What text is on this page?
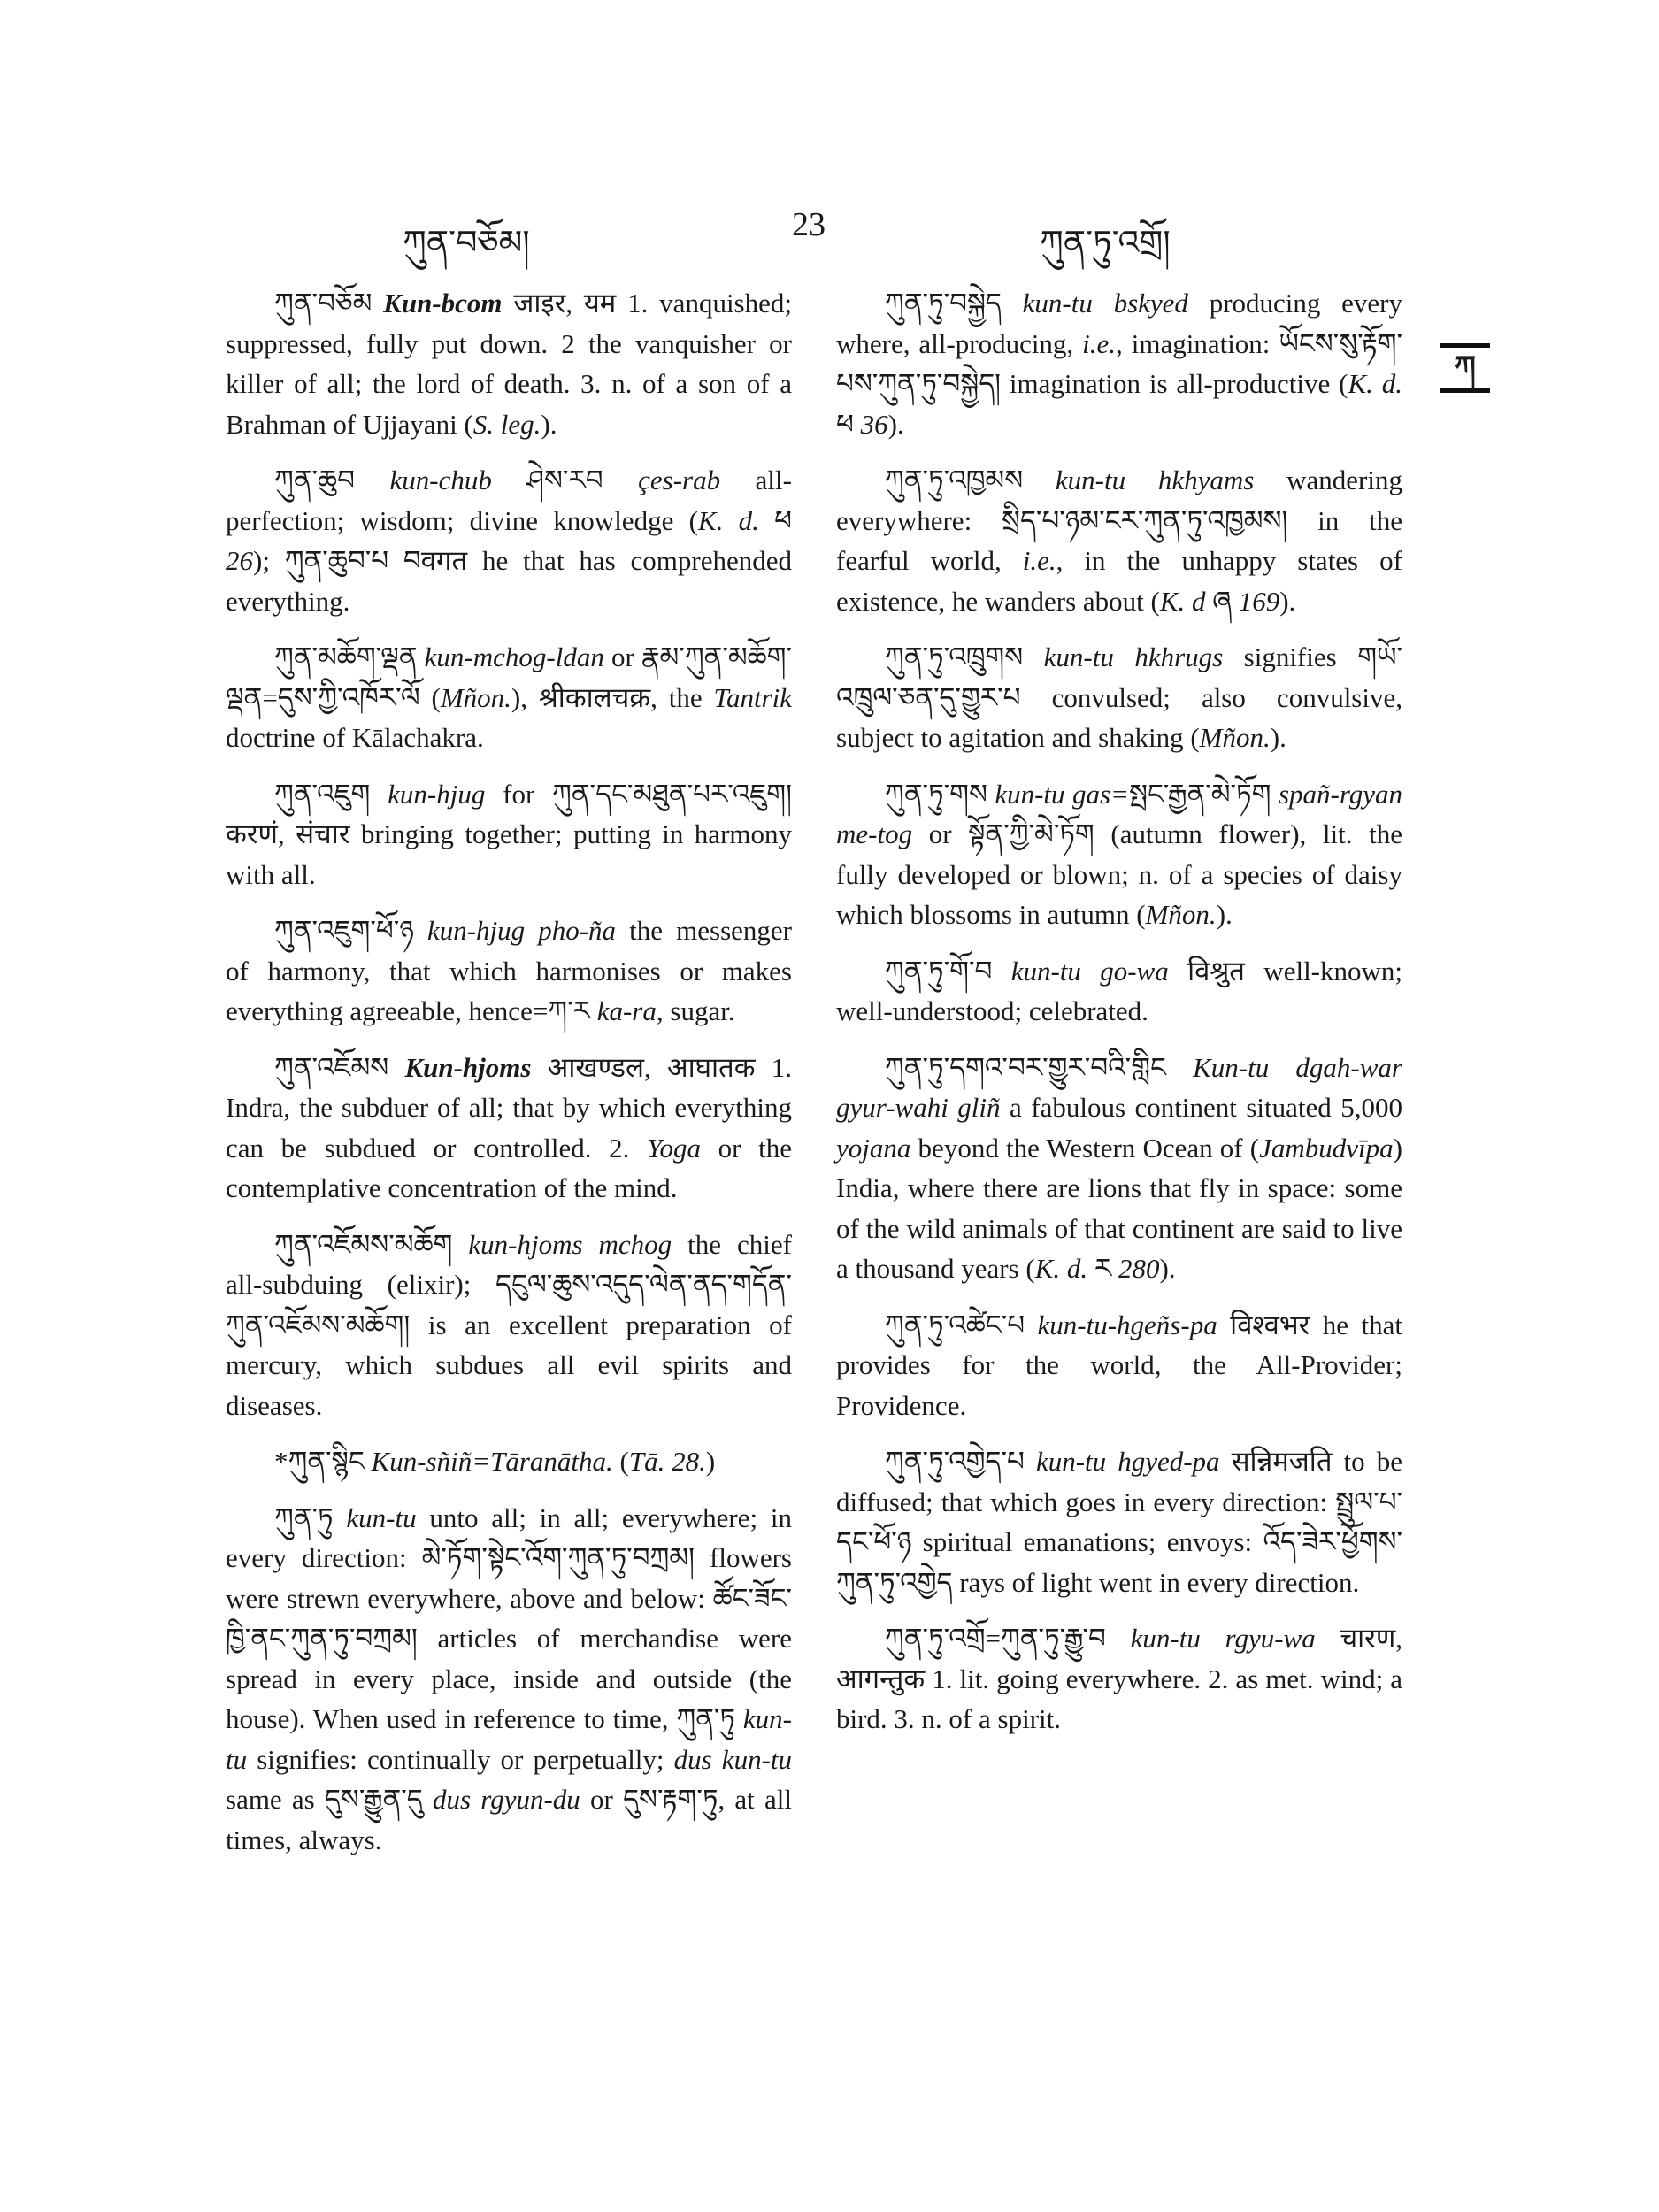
ཀུན་བཅོམ།	23	ཀུན་ཏུ་འགྲོ།
ཀ

ཀུན་བཅོམ Kun-bcom जाइर, यम 1. vanquished; suppressed, fully put down. 2 the vanquisher or killer of all; the lord of death. 3. n. of a son of a Brahman of Ujjayani (S. leg.).

ཀུན་ཆུབ kun-chub ཤེས་རབ çes-rab all-perfection; wisdom; divine knowledge (K. d. ཕ 26); ཀུན་ཆུབ་པ བवगत he that has comprehended everything.

ཀུན་མཆོག་ལྡན kun-mchog-ldan or རྣམ་ཀུན་མཆོག་ལྡན=དུས་ཀྱི་འཁོར་ལོ (Mñon.), श्रीकालचक्र, the Tantrik doctrine of Kālachakra.

ཀུན་འཇུག kun-hjug for ཀུན་དང་མཐུན་པར་འཇུག། करणं, संचार bringing together; putting in harmony with all.

ཀུན་འཇུག་ཕོ་ཉ kun-hjug pho-ña the messenger of harmony, that which harmonises or makes everything agreeable, hence=ཀ་ར ka-ra, sugar.

ཀུན་འཇོམས Kun-hjoms आखण्डल, आघातक 1. Indra, the subduer of all; that by which everything can be subdued or controlled. 2. Yoga or the contemplative concentration of the mind.

ཀུན་འཇོམས་མཆོག kun-hjoms mchog the chief all-subduing (elixir); དངུལ་ཆུས་འདུད་ལེན་ནད་གདོན་ཀུན་འཇོམས་མཆོག། is an excellent preparation of mercury, which subdues all evil spirits and diseases.

*ཀུན་སྙིང Kun-sñiñ=Tāranātha. (Tā. 28.)

ཀུན་ཏུ kun-tu unto all; in all; everywhere; in every direction: མེ་ཏོག་སྟེང་འོག་ཀུན་ཏུ་བཀྲམ། flowers were strewn everywhere, above and below: ཚོང་ཟོང་ཁྱི་ནང་ཀུན་ཏུ་བཀྲམ། articles of merchandise were spread in every place, inside and outside (the house). When used in reference to time, ཀུན་ཏུ kun-tu signifies: continually or perpetually; dus kun-tu same as དུས་རྒྱུན་དུ dus rgyun-du or དུས་རྟག་ཏུ, at all times, always.

ཀུན་ཏུ་བསྐྱེད kun-tu bskyed producing every where, all-producing, i.e., imagination: ཡོངས་སུ་རྟོག་པས་ཀུན་ཏུ་བསྐྱེད། imagination is all-productive (K. d. ཕ 36).

ཀུན་ཏུ་འཁྱམས kun-tu hkhyams wandering everywhere: སྲིད་པ་ཉམ་ངར་ཀུན་ཏུ་འཁྱམས། in the fearful world, i.e., in the unhappy states of existence, he wanders about (K. d ཞ 169).

ཀུན་ཏུ་འཁྲུགས kun-tu hkhrugs signifies གཡོ་འཁྲུལ་ཅན་དུ་གྱུར་པ convulsed; also convulsive, subject to agitation and shaking (Mñon.).

ཀུན་ཏུ་གས kun-tu gas=སྤང་རྒྱན་མེ་ཏོག spañ-rgyan me-tog or སྟོན་ཀྱི་མེ་ཏོག (autumn flower), lit. the fully developed or blown; n. of a species of daisy which blossoms in autumn (Mñon.).

ཀུན་ཏུ་གོ་བ kun-tu go-wa विश्रुत well-known; well-understood; celebrated.

ཀུན་ཏུ་དགའ་བར་གྱུར་བའི་གླིང Kun-tu dgah-war gyur-wahi gliñ a fabulous continent situated 5,000 yojana beyond the Western Ocean of (Jambudvīpa) India, where there are lions that fly in space: some of the wild animals of that continent are said to live a thousand years (K. d. ར 280).

ཀུན་ཏུ་འཚེང་པ kun-tu-hgeñs-pa विश्वभर he that provides for the world, the All-Provider; Providence.

ཀུན་ཏུ་འགྱེད་པ kun-tu hgyed-pa सन्निमजति to be diffused; that which goes in every direction: སྤྲུལ་པ་དང་ཕོ་ཉ spiritual emanations; envoys: འོད་ཟེར་ཕྱོགས་ཀུན་ཏུ་འགྱེད rays of light went in every direction.

ཀུན་ཏུ་འགྲོ=ཀུན་ཏུ་རྒྱུ་བ kun-tu rgyu-wa चारण, आगन्तुक 1. lit. going everywhere. 2. as met. wind; a bird. 3. n. of a spirit.
